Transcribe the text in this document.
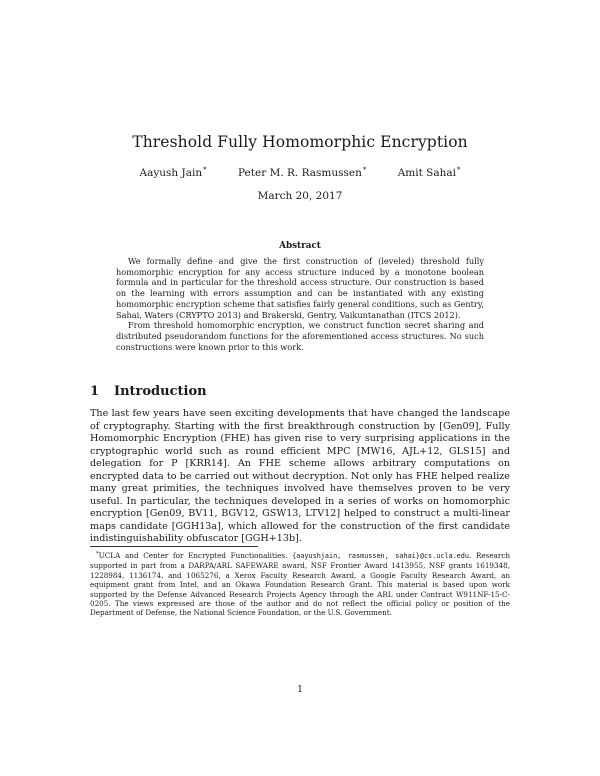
Threshold Fully Homomorphic Encryption
Aayush Jain*	Peter M. R. Rasmussen*	Amit Sahai*
March 20, 2017
Abstract

We formally define and give the first construction of (leveled) threshold fully homomorphic encryption for any access structure induced by a monotone boolean formula and in particular for the threshold access structure. Our construction is based on the learning with errors assumption and can be instantiated with any existing homomorphic encryption scheme that satisfies fairly general conditions, such as Gentry, Sahai, Waters (CRYPTO 2013) and Brakerski, Gentry, Vaikuntanathan (ITCS 2012).

From threshold homomorphic encryption, we construct function secret sharing and distributed pseudorandom functions for the aforementioned access structures. No such constructions were known prior to this work.

1 Introduction

The last few years have seen exciting developments that have changed the landscape of cryptography. Starting with the first breakthrough construction by [Gen09], Fully Homomorphic Encryption (FHE) has given rise to very surprising applications in the cryptographic world such as round efficient MPC [MW16, AJL+12, GLS15] and delegation for P [KRR14]. An FHE scheme allows arbitrary computations on encrypted data to be carried out without decryption. Not only has FHE helped realize many great primities, the techniques involved have themselves proven to be very useful. In particular, the techniques developed in a series of works on homomorphic encryption [Gen09, BV11, BGV12, GSW13, LTV12] helped to construct a multi-linear maps candidate [GGH13a], which allowed for the construction of the first candidate indistinguishability obfuscator [GGH+13b].

*UCLA and Center for Encrypted Functionalities. {aayushjain, rasmussen, sahai}@cs.ucla.edu. Research supported in part from a DARPA/ARL SAFEWARE award, NSF Frontier Award 1413955, NSF grants 1619348, 1228984, 1136174, and 1065276, a Xerox Faculty Research Award, a Google Faculty Research Award, an equipment grant from Intel, and an Okawa Foundation Research Grant. This material is based upon work supported by the Defense Advanced Research Projects Agency through the ARL under Contract W911NF-15-C-0205. The views expressed are those of the author and do not reflect the official policy or position of the Department of Defense, the National Science Foundation, or the U.S. Government.

1
